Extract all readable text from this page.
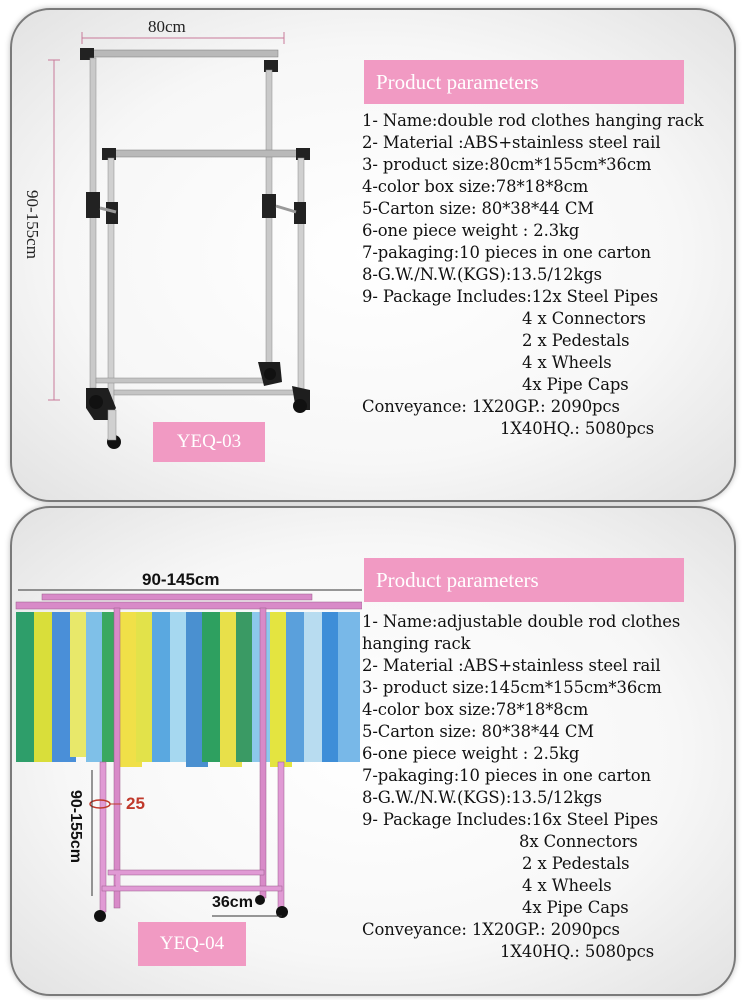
80cm
90-155cm
YEQ-03
Product parameters
1- Name:double rod clothes hanging rack
2- Material :ABS+stainless steel rail
3- product size:80cm*155cm*36cm
4-color box size:78*18*8cm
5-Carton size: 80*38*44 CM
6-one piece weight : 2.3kg
7-pakaging:10 pieces in one carton
8-G.W./N.W.(KGS):13.5/12kgs
9- Package Includes:12x Steel Pipes
4 x Connectors
2 x Pedestals
4 x Wheels
4x Pipe Caps
Conveyance: 1X20GP.: 2090pcs
1X40HQ.: 5080pcs
90-145cm
90-155cm 25
36cm
YEQ-04
Product parameters
1- Name:adjustable double rod clothes hanging rack
2- Material :ABS+stainless steel rail
3- product size:145cm*155cm*36cm
4-color box size:78*18*8cm
5-Carton size: 80*38*44 CM
6-one piece weight : 2.5kg
7-pakaging:10 pieces in one carton
8-G.W./N.W.(KGS):13.5/12kgs
9- Package Includes:16x Steel Pipes
8x Connectors
2 x Pedestals
4 x Wheels
4x Pipe Caps
Conveyance: 1X20GP.: 2090pcs
1X40HQ.: 5080pcs
